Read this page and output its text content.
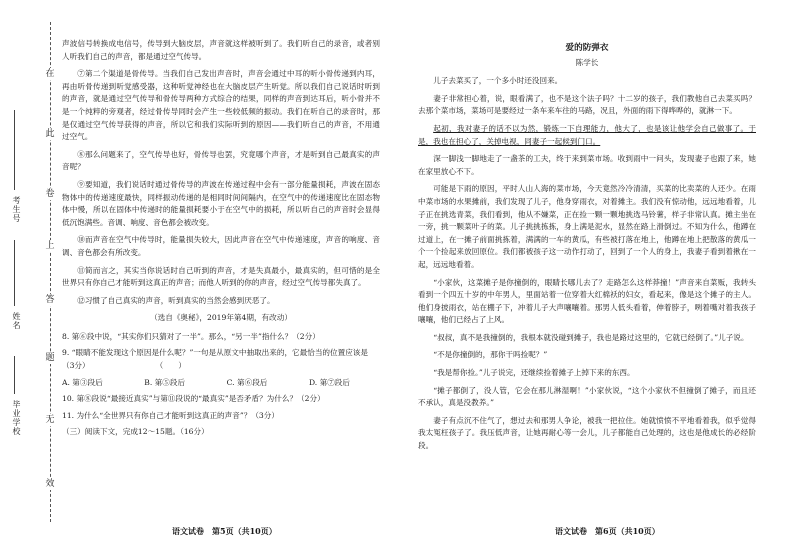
在
此
卷
上
答
题
无
效
考生号
姓名
毕业学校

声波信号转换成电信号，传导到大脑皮层，声音就这样被听到了。我们听自己的录音，或者别人听我们自己的声音，都是通过空气传导。

⑦第二个渠道是骨传导。当我们自己发出声音时，声音会通过中耳的听小骨传递到内耳，再由听骨传递到听觉感受器，这种听觉神经也在大脑皮层产生听觉。所以我们自己说话时听到的声音，就是通过空气传导和骨传导两种方式综合的结果，同样的声音到达耳后，听小骨并不是一个纯粹的旁观者，经过骨传导同时会产生一些较低频的振动。我们在听自己的录音时，那是仅通过空气传导获得的声音，所以它和我们实际听到的原因——我们听自己的声音，不用通过空气。

⑧那么问题来了，空气传导也好，骨传导也罢，究竟哪个声音，才是听到自己最真实的声音呢？

⑨要知道，我们说话时通过骨传导的声波在传递过程中会有一部分能量损耗，声波在固态物体中的传递速度最快，同样振动传递的是相同时间间隔内，在空气中的传递速度比在固态物体中慢，所以在固体中传递时的能量损耗要小于在空气中的损耗，所以听自己的声音时会显得低沉饱满些。音调、响度、音色都会被改变。

⑩而声音在空气中传导时，能量损失较大，因此声音在空气中传递速度，声音的响度、音调、音色都会有所改变。

⑪简而言之，其实当你说话时自己听到的声音，才是失真最小，最真实的，但可惜的是全世界只有你自己才能听到这真正的声音；而他人听到的你的声音，经过空气传导都失真了。

⑫习惯了自己真实的声音，听到真实的当然会感到厌恶了。

（选自《奥秘》，2019年第4期，有改动）

8. 第⑥段中说，“其实你们只猜对了一半”。那么，“另一半”指什么？（2分）

9. “眼睛不能发现这个原因是什么呢？”一句是从原文中抽取出来的，它最恰当的位置应该是（3分）	（　　）

A. 第③段后	B. 第⑤段后	C. 第⑥段后	D. 第⑦段后

10. 第⑧段说“最接近真实”与第⑪段说的“最真实”是否矛盾？为什么？（2分）

11. 为什么“全世界只有你自己才能听到这真正的声音”？（3分）

（三）阅读下文，完成12～15题。（16分）

语文试卷　第5页（共10页）

爱的防弹衣

陈学长

儿子去菜买了，一个多小时还没回来。

妻子非常担心着，说，眼看满了，也不是这个法子吗？十二岁的孩子，我们教他自己去菜买吗？去那个菜市场，菜场可是要经过一条车来车往的马路，况且，外面的雨下得哗哗的，就淋一下。

起初，我对妻子的话不以为然，锻炼一下自理能力，他大了，也是该让他学会自己做事了。于是，我也在担心了，关掉电视，同妻子一起候到门口。

深一脚浅一脚地走了一盏茶的工夫，终于来到菜市场。收到雨中一问头，发现妻子也跟了来，她在家里放心不下。

可能是下雨的原因，平时人山人海的菜市场，今天竟然冷冷清清，买菜的比卖菜的人还少。在雨中菜市场的水果摊前，我们发现了儿子，他身穿雨衣，对着摊主。我们没有惊动他，远远地看着，儿子正在挑选青菜，我们看到，他从不嫌菜，正在捡一颗一颗地挑选马铃薯，样子非常认真。摊主坐在一旁，挑一颗菜叶子的菜。儿子挑挑拣拣，身上满是泥水，显然在路上滑倒过。不知为什么，他蹲在过道上，在一摊子前面挑拣着，满满的一车的黄瓜，有些被打落在地上，他蹲在地上把散落的黄瓜一个一个捡起来放回原位。我们都被孩子这一动作打动了，回到了一个人的身上，我妻子看到着揪在一起，远远地看着。

“小家伙，这菜摊子是你撞倒的，眼睛长哪儿去了？走路怎么这样莽撞！”声音来自菜贩，我转头看到一个四五十岁的中年男人，里面站着一位穿着大红棉袄的妇女，看起来，像是这个摊子的主人。他们身披雨衣，站在棚子下，冲着儿子大声嚷嚷着。那男人低头看着，伸着脖子，咧着嘴对着我孩子嚷嚷，他们已经占了上风。

“叔叔，真不是我撞倒的，我根本就没碰到摊子，我也是路过这里的，它就已经倒了。”儿子说。

“不是你撞倒的，那你干吗捡呢？”

“我是帮你捡。”儿子说完，还继续捡着摊子上掉下来的东西。

“摊子都倒了，没人管，它会在那儿淋湿啊！”小家伙说，“这个小家伙不但撞倒了摊子，而且还不承认，真是没教养。”

妻子有点沉不住气了，想过去和那男人争论，被我一把拉住。她就愤愤不平地看着我，似乎觉得我太冤枉孩子了。我压低声音，让她再耐心等一会儿，儿子都能自己处理的，这也是他成长的必经阶段。

语文试卷　第6页（共10页）
